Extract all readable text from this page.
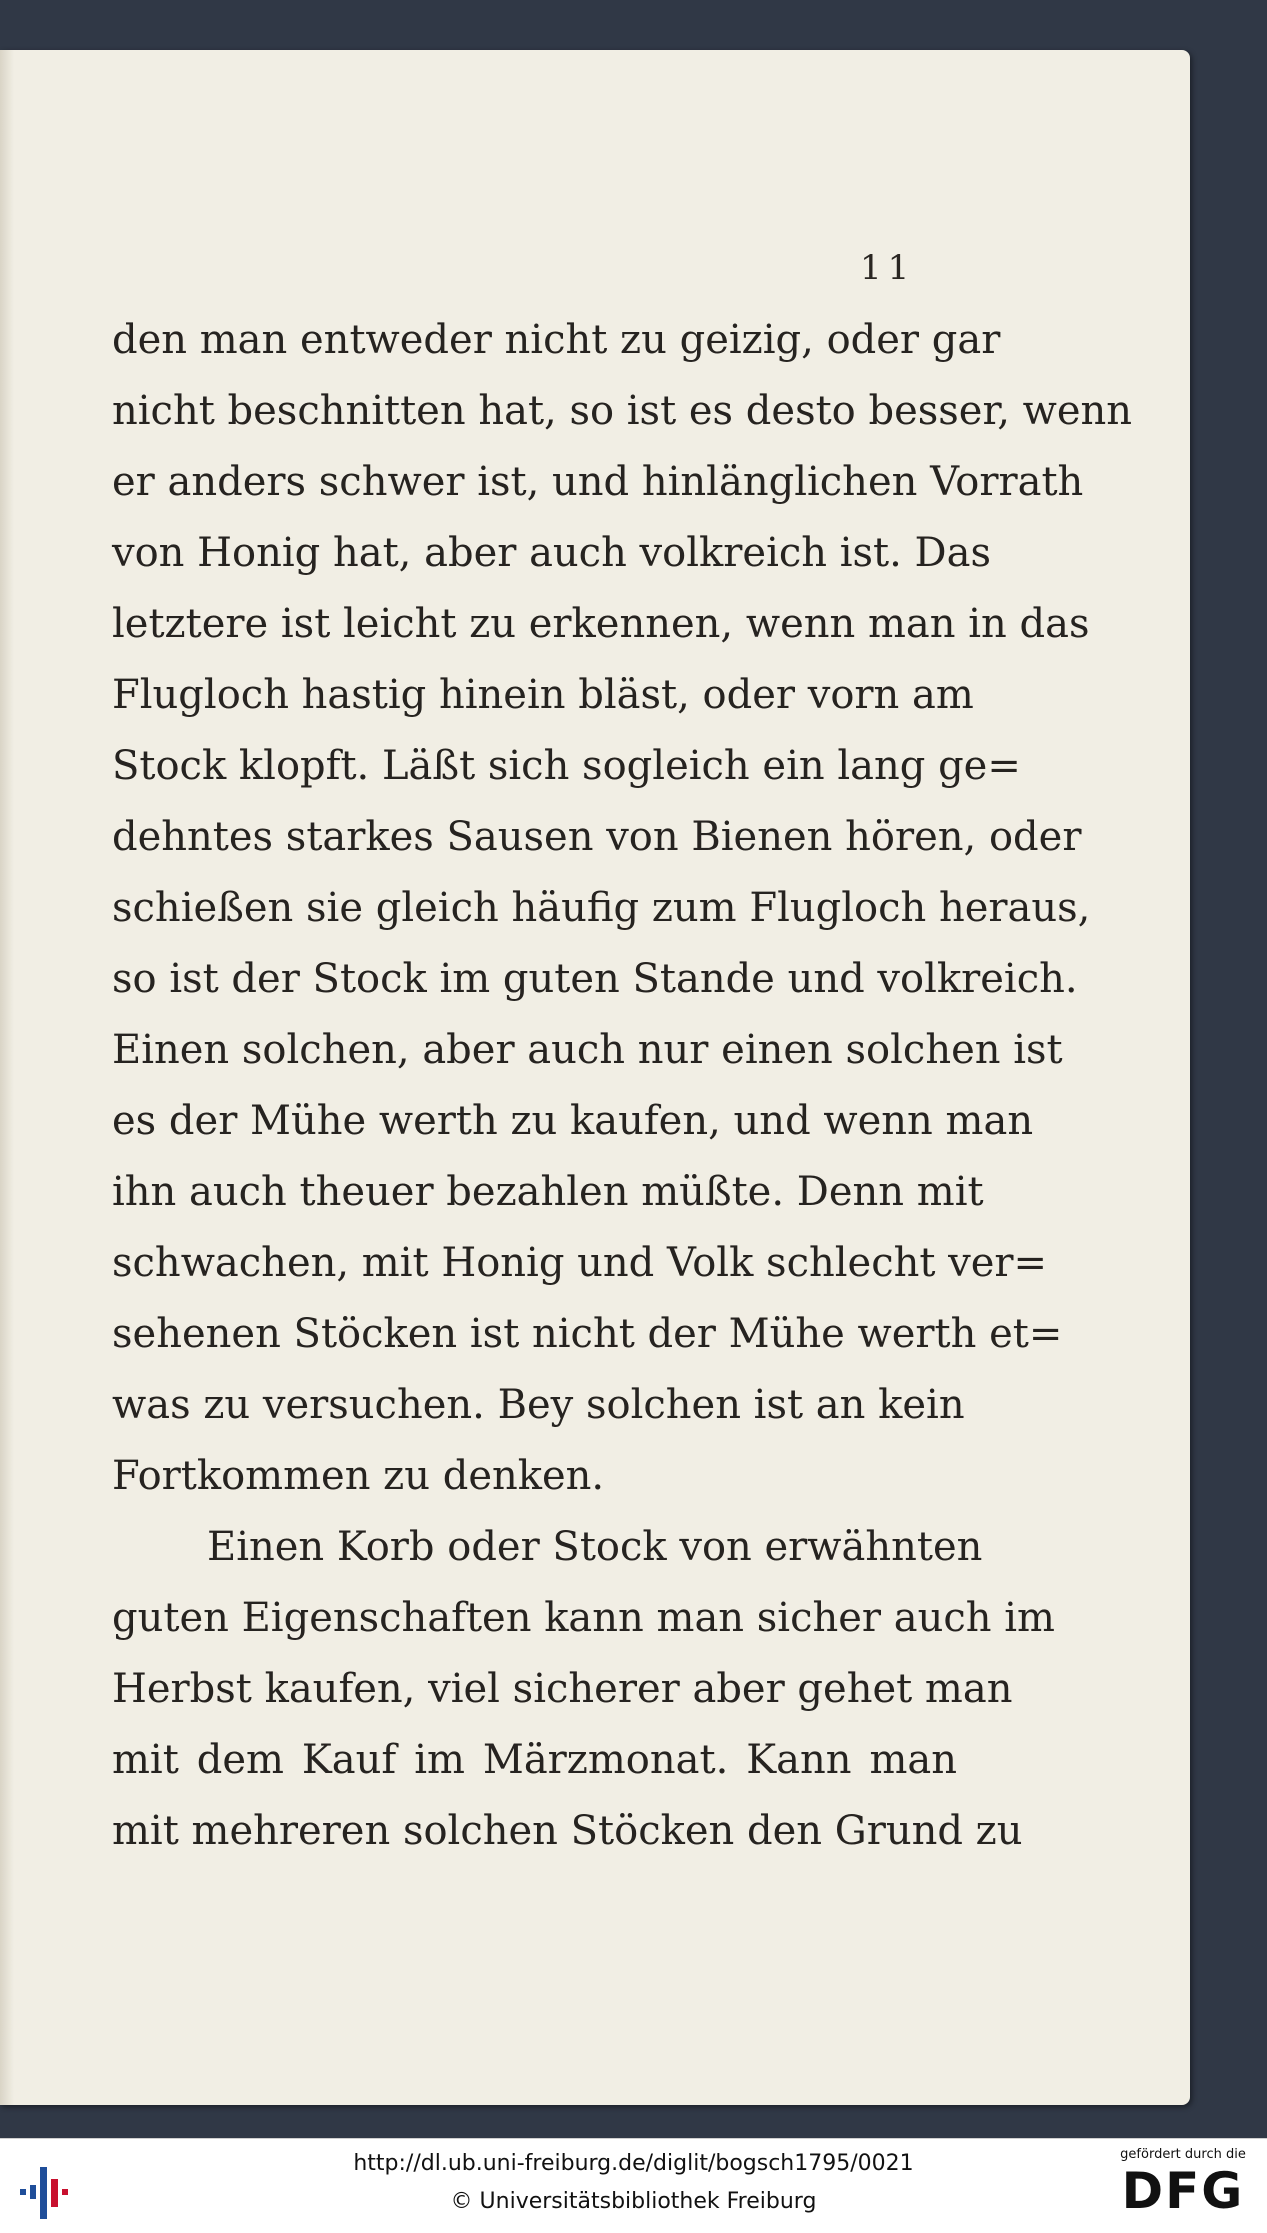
11
den man entweder nicht zu geizig, oder gar
nicht beschnitten hat, so ist es desto besser, wenn
er anders schwer ist, und hinlänglichen Vorrath
von Honig hat, aber auch volkreich ist. Das
letztere ist leicht zu erkennen, wenn man in das
Flugloch hastig hinein bläst, oder vorn am
Stock klopft. Läßt sich sogleich ein lang ge=
dehntes starkes Sausen von Bienen hören, oder
schießen sie gleich häufig zum Flugloch heraus,
so ist der Stock im guten Stande und volkreich.
Einen solchen, aber auch nur einen solchen ist
es der Mühe werth zu kaufen, und wenn man
ihn auch theuer bezahlen müßte. Denn mit
schwachen, mit Honig und Volk schlecht ver=
sehenen Stöcken ist nicht der Mühe werth et=
was zu versuchen. Bey solchen ist an kein
Fortkommen zu denken.
Einen Korb oder Stock von erwähnten
guten Eigenschaften kann man sicher auch im
Herbst kaufen, viel sicherer aber gehet man
mit dem Kauf im Märzmonat. Kann man
mit mehreren solchen Stöcken den Grund zu
http://dl.ub.uni-freiburg.de/diglit/bogsch1795/0021
© Universitätsbibliothek Freiburg
gefördert durch die
DFG
